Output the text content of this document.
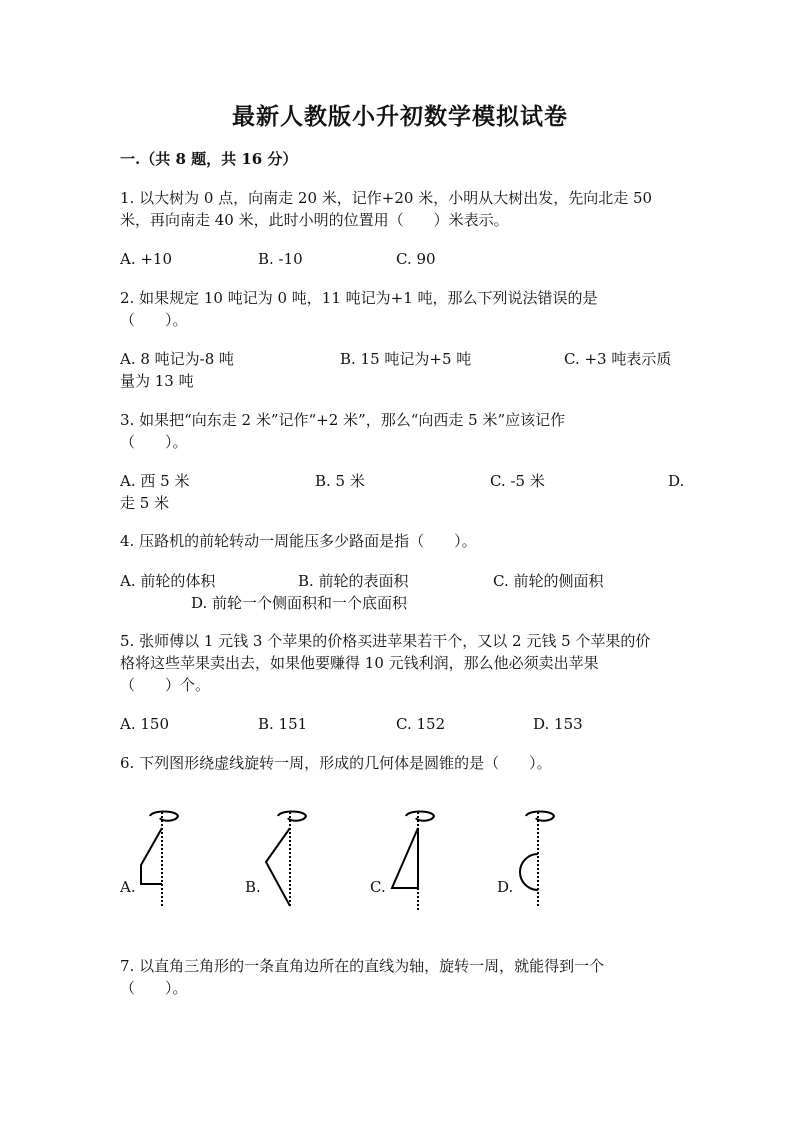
最新人教版小升初数学模拟试卷
一.（共 8 题，共 16 分）
1. 以大树为 0 点，向南走 20 米，记作+20 米，小明从大树出发，先向北走 50
米，再向南走 40 米，此时小明的位置用（　　）米表示。
A. +10	B. -10	C. 90
2. 如果规定 10 吨记为 0 吨，11 吨记为+1 吨，那么下列说法错误的是
（　　）。
A. 8 吨记为-8 吨	B. 15 吨记为+5 吨	C. +3 吨表示质
量为 13 吨
3. 如果把“向东走 2 米”记作“+2 米”，那么“向西走 5 米”应该记作
（　　）。
A. 西 5 米	B. 5 米	C. -5 米	D.
走 5 米
4. 压路机的前轮转动一周能压多少路面是指（　　）。
A. 前轮的体积	B. 前轮的表面积	C. 前轮的侧面积
D. 前轮一个侧面积和一个底面积
5. 张师傅以 1 元钱 3 个苹果的价格买进苹果若干个，又以 2 元钱 5 个苹果的价
格将这些苹果卖出去，如果他要赚得 10 元钱利润，那么他必须卖出苹果
（　　）个。
A. 150	B. 151	C. 152	D. 153
6. 下列图形绕虚线旋转一周，形成的几何体是圆锥的是（　　）。
A.	B.	C.	D.
7. 以直角三角形的一条直角边所在的直线为轴，旋转一周，就能得到一个
（　　）。
